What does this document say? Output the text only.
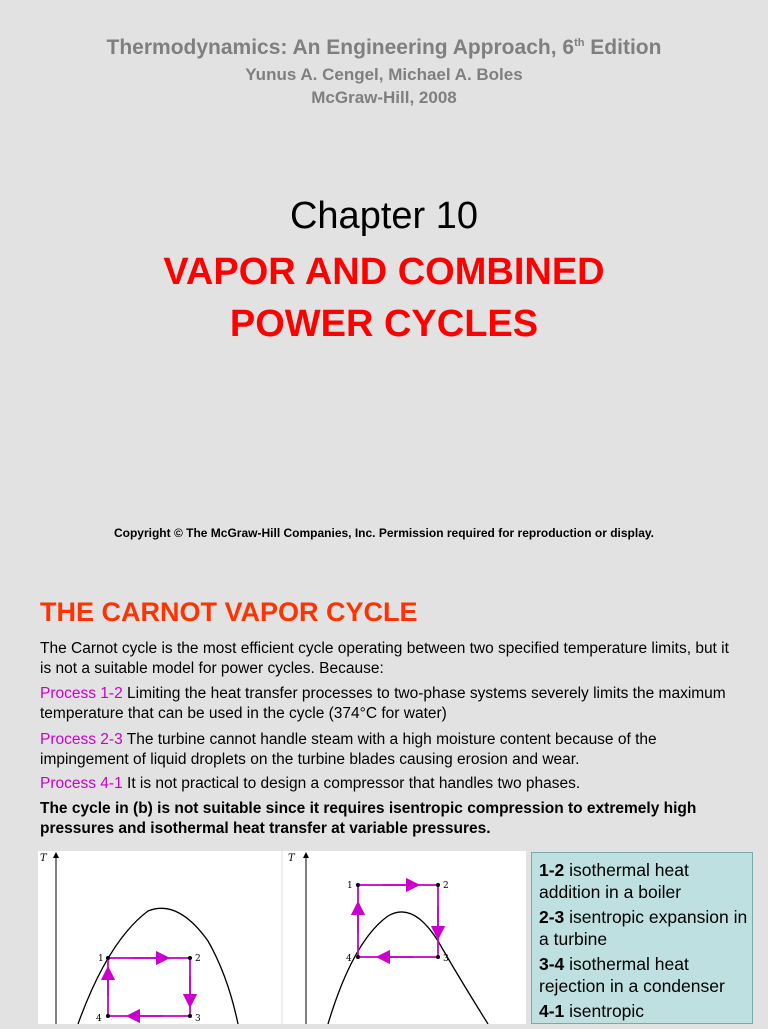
Thermodynamics: An Engineering Approach, 6th Edition
Yunus A. Cengel, Michael A. Boles
McGraw-Hill, 2008
Chapter 10
VAPOR AND COMBINED
POWER CYCLES
Copyright © The McGraw-Hill Companies, Inc. Permission required for reproduction or display.
THE CARNOT VAPOR CYCLE
The Carnot cycle is the most efficient cycle operating between two specified temperature limits, but it is not a suitable model for power cycles. Because:
Process 1-2 Limiting the heat transfer processes to two-phase systems severely limits the maximum temperature that can be used in the cycle (374°C for water)
Process 2-3 The turbine cannot handle steam with a high moisture content because of the impingement of liquid droplets on the turbine blades causing erosion and wear.
Process 4-1 It is not practical to design a compressor that handles two phases.
The cycle in (b) is not suitable since it requires isentropic compression to extremely high pressures and isothermal heat transfer at variable pressures.
T
1	2
3
4
T
1	2
3
4
1-2 isothermal heat addition in a boiler
2-3 isentropic expansion in a turbine
3-4 isothermal heat rejection in a condenser
4-1 isentropic
